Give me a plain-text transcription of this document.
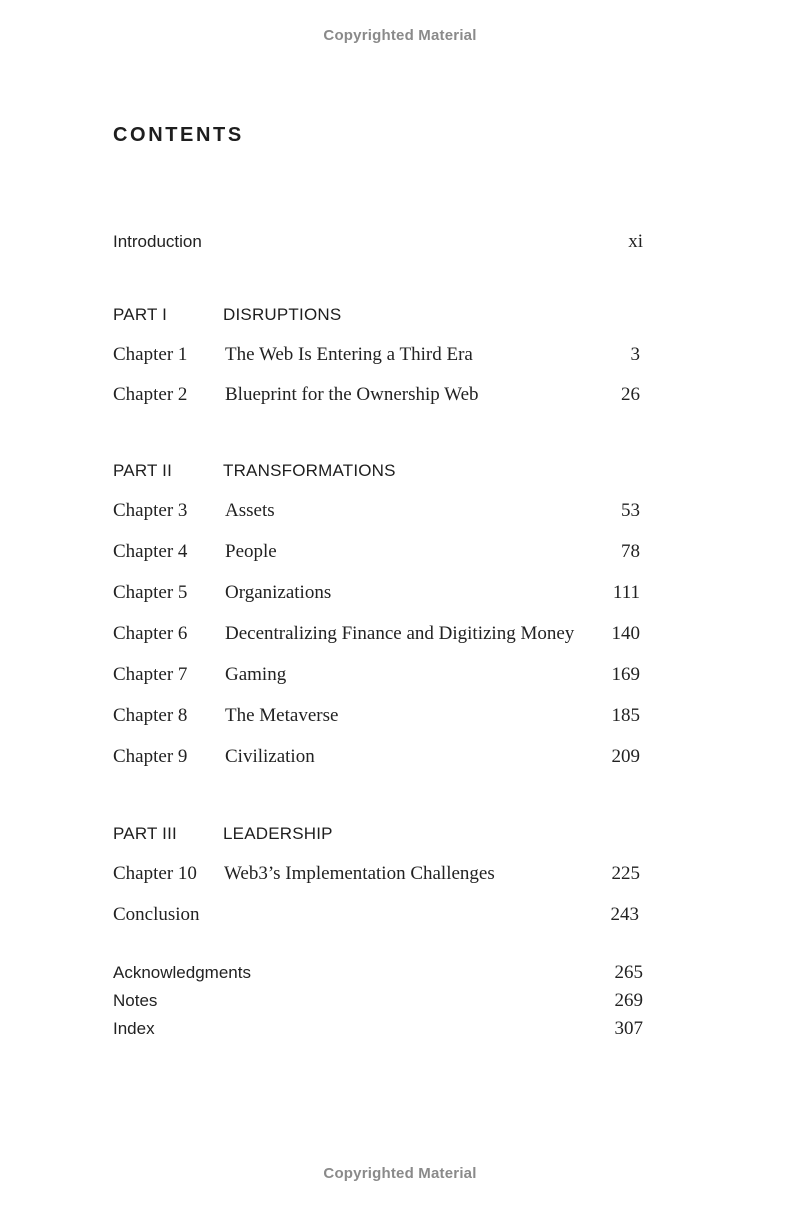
Copyrighted Material
CONTENTS
Introduction	xi
PART I	DISRUPTIONS
Chapter 1 The Web Is Entering a Third Era	3
Chapter 2 Blueprint for the Ownership Web	26
PART II	TRANSFORMATIONS
Chapter 3 Assets	53
Chapter 4 People	78
Chapter 5 Organizations	111
Chapter 6 Decentralizing Finance and Digitizing Money 140
Chapter 7 Gaming	169
Chapter 8 The Metaverse	185
Chapter 9 Civilization	209
PART III	LEADERSHIP
Chapter 10 Web3’s Implementation Challenges	225
Conclusion	243
Acknowledgments	265
Notes	269
Index	307
Copyrighted Material
